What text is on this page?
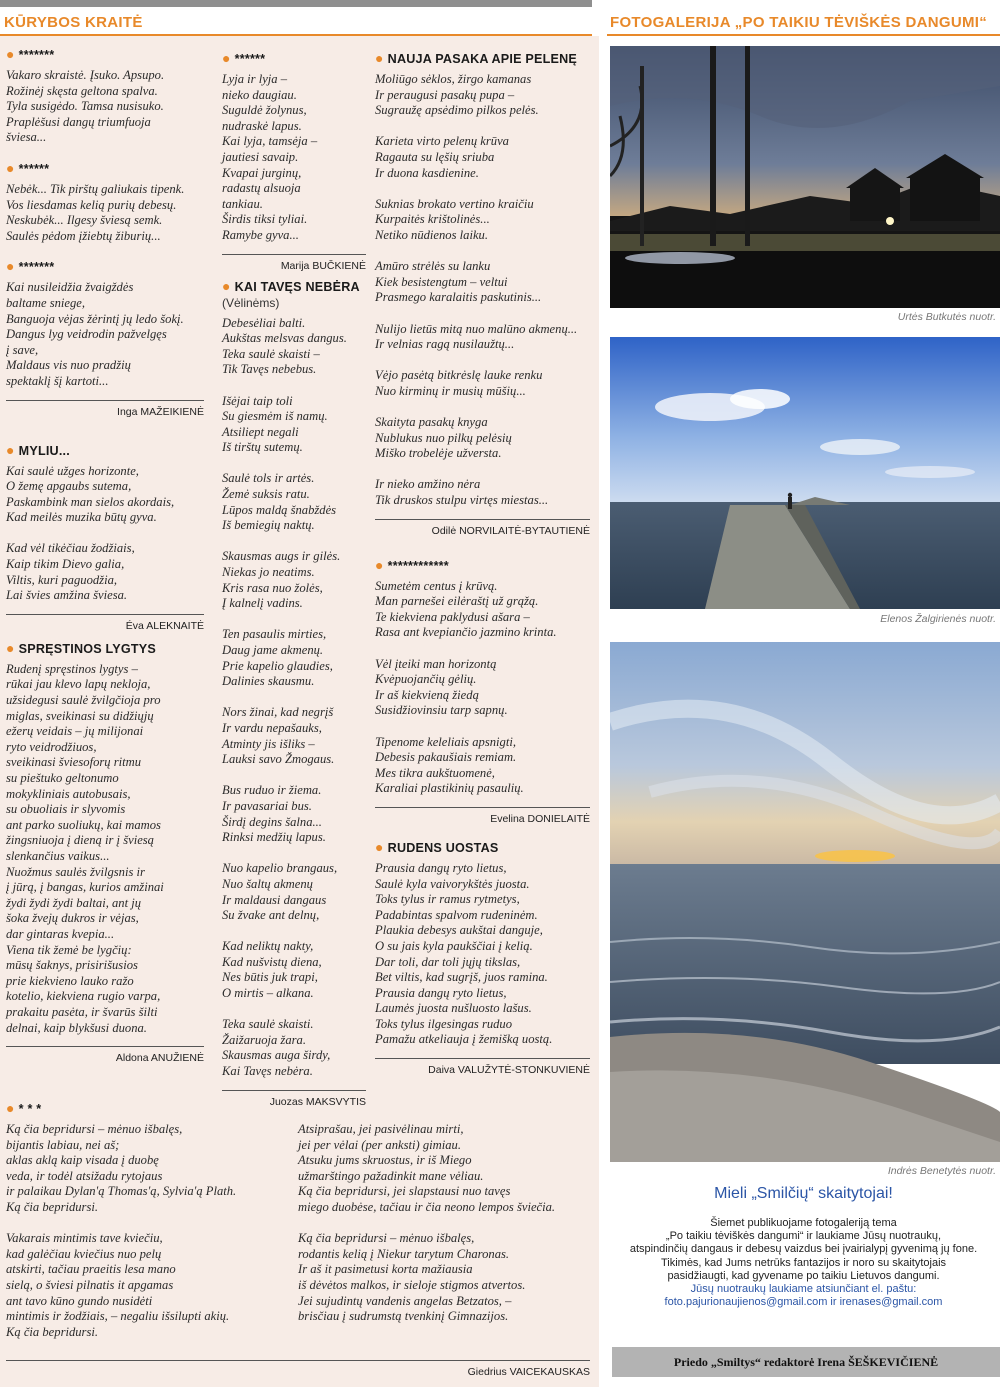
KŪRYBOS KRAITĖ	FOTOGALERIJA „PO TAIKIU TĖVIŠKĖS DANGUMI“
● *******
Vakaro skraistė. Įsuko. Apsupo.
Rožinėj skęsta geltona spalva.
Tyla susigėdo. Tamsa nusisuko.
Praplėšusi dangų triumfuoja
šviesa...
● ******
Nebėk... Tik pirštų galiukais tipenk.
Vos liesdamas kelią purių debesų.
Neskubėk... Ilgesy šviesą semk.
Saulės pėdom įžiebtų žiburių...
● *******
Kai nusileidžia žvaigždės
baltame sniege,
Banguoja vėjas žėrintį jų ledo šokį.
Dangus lyg veidrodin pažvelgęs
į save,
Maldaus vis nuo pradžių
spektaklį šį kartoti...
Inga MAŽEIKIENĖ
● MYLIU...
Kai saulė užges horizonte,
O žemę apgaubs sutema,
Paskambink man sielos akordais,
Kad meilės muzika būtų gyva.

Kad vėl tikėčiau žodžiais,
Kaip tikim Dievo galia,
Viltis, kuri paguodžia,
Lai švies amžina šviesa.
Éva ALEKNAITĖ
● SPRĘSTINOS LYGTYS
Rudenį spręstinos lygtys –
rūkai jau klevo lapų nekloja,
užsidegusi saulė žvilgčioja pro
miglas, sveikinasi su didžiųjų
ežerų veidais – jų milijonai
ryto veidrodžiuos,
sveikinasi šviesoforų ritmu
su pieštuko geltonumo
mokykliniais autobusais,
su obuoliais ir slyvomis
ant parko suoliukų, kai mamos
žingsniuoja į dieną ir į šviesą
slenkančius vaikus...
Nuožmus saulės žvilgsnis ir
į jūrą, į bangas, kurios amžinai
žydi žydi žydi baltai, ant jų
šoka žvejų dukros ir vėjas,
dar gintaras kvepia...
Viena tik žemė be lygčių:
mūsų šaknys, prisirišusios
prie kiekvieno lauko ražo
kotelio, kiekviena rugio varpa,
prakaitu pasėta, ir švarūs šilti
delnai, kaip blykšusi duona.
Aldona ANUŽIENĖ
● ******
Lyja ir lyja –
nieko daugiau.
Suguldė žolynus,
nudraskė lapus.
Kai lyja, tamsėja –
jautiesi savaip.
Kvapai jurginų,
radastų alsuoja
tankiau.
Širdis tiksi tyliai.
Ramybe gyva...
Marija BUČKIENĖ
● KAI TAVĘS NEBĖRA
(Vėlinėms)
Debesėliai balti.
Aukštas melsvas dangus.
Teka saulė skaisti –
Tik Tavęs nebebus.

Išėjai taip toli
Su giesmėm iš namų.
Atsiliept negali
Iš tirštų sutemų.

Saulė tols ir artės.
Žemė suksis ratu.
Lūpos maldą šnabždės
Iš bemiegių naktų.

Skausmas augs ir gilės.
Niekas jo neatims.
Kris rasa nuo žolės,
Į kalnelį vadins.

Ten pasaulis mirties,
Daug jame akmenų.
Prie kapelio glaudies,
Dalinies skausmu.

Nors žinai, kad negrįš
Ir vardu nepašauks,
Atminty jis išliks –
Lauksi savo Žmogaus.

Bus ruduo ir žiema.
Ir pavasariai bus.
Širdį degins šalna...
Rinksi medžių lapus.

Nuo kapelio brangaus,
Nuo šaltų akmenų
Ir maldausi dangaus
Su žvake ant delnų,

Kad neliktų nakty,
Kad nušvistų diena,
Nes būtis juk trapi,
O mirtis – alkana.

Teka saulė skaisti.
Žaižaruoja žara.
Skausmas auga širdy,
Kai Tavęs nebėra.
Juozas MAKSVYTIS
● NAUJA PASAKA APIE PELENĘ
Moliūgo sėklos, žirgo kamanas
Ir peraugusi pasakų pupa –
Sugraužę apsėdimo pilkos pelės.

Karieta virto pelenų krūva
Ragauta su lęšių sriuba
Ir duona kasdienine.

Suknias brokato vertino kraičiu
Kurpaitės krištolinės...
Netiko nūdienos laiku.

Amūro strėlės su lanku
Kiek besistengtum – veltui
Prasmego karalaitis paskutinis...

Nulijo lietūs mitą nuo malūno akmenų...
Ir velnias ragą nusilaužtų...

Vėjo pasėtą bitkrėslę lauke renku
Nuo kirminų ir musių mūšių...

Skaityta pasakų knyga
Nublukus nuo pilkų pelėsių
Miško trobelėje užversta.

Ir nieko amžino nėra
Tik druskos stulpu virtęs miestas...
Odilė NORVILAITĖ-BYTAUTIENĖ
● ************
Sumetėm centus į krūvą.
Man parnešei eilėraštį už grąžą.
Te kiekviena paklydusi ašara –
Rasa ant kvepiančio jazmino krinta.

Vėl įteiki man horizontą
Kvėpuojančių gėlių.
Ir aš kiekvieną žiedą
Susidžiovinsiu tarp sapnų.

Tipenome keleliais apsnigti,
Debesis pakaušiais remiam.
Mes tikra aukštuomenė,
Karaliai plastikinių pasaulių.
Evelina DONIELAITĖ
● RUDENS UOSTAS
Prausia dangų ryto lietus,
Saulė kyla vaivorykštės juosta.
Toks tylus ir ramus rytmetys,
Padabintas spalvom rudeninėm.
Plaukia debesys aukštai danguje,
O su jais kyla paukščiai į kelią.
Dar toli, dar toli jųjų tikslas,
Bet viltis, kad sugrįš, juos ramina.
Prausia dangų ryto lietus,
Laumės juosta nušluosto lašus.
Toks tylus ilgesingas ruduo
Pamažu atkeliauja į žemišką uostą.
Daiva VALUŽYTĖ-STONKUVIENĖ
● * * *
Ką čia bepridursi – mėnuo išbalęs,
bijantis labiau, nei aš;
aklas aklą kaip visada į duobę
veda, ir todėl atsižadu rytojaus
ir palaikau Dylan'ą Thomas'ą, Sylvia'ą Plath.
Ką čia bepridursi.

Vakarais mintimis tave kviečiu,
kad galėčiau kviečius nuo pelų
atskirti, tačiau praeitis lesa mano
sielą, o šviesi pilnatis it apgamas
ant tavo kūno gundo nusidėti
mintimis ir žodžiais, – negaliu išsilupti akių.
Ką čia bepridursi.
Atsiprašau, jei pasivėlinau mirti,
jei per vėlai (per anksti) gimiau.
Atsuku jums skruostus, ir iš Miego
užmarštingo pažadinkit mane vėliau.
Ką čia bepridursi, jei slapstausi nuo tavęs
miego duobėse, tačiau ir čia neono lempos šviečia.

Ką čia bepridursi – mėnuo išbalęs,
rodantis kelią į Niekur tarytum Charonas.
Ir aš it pasimetusi korta mažiausia
iš dėvėtos malkos, ir sieloje stigmos atvertos.
Jei sujudintų vandenis angelas Betzatos, –
brisčiau į sudrumstą tvenkinį Gimnazijos.
Giedrius VAICEKAUSKAS
Urtės Butkutės nuotr.
Elenos Žalgirienės nuotr.
Indrės Benetytės nuotr.
Mieli „Smilčių“ skaitytojai!
Šiemet publikuojame fotogaleriją tema
„Po taikiu tėviškės dangumi“ ir laukiame Jūsų nuotraukų,
atspindinčių dangaus ir debesų vaizdus bei įvairialypį gyvenimą jų fone.
Tikimės, kad Jums netrūks fantazijos ir noro su skaitytojais
pasidžiaugti, kad gyvename po taikiu Lietuvos dangumi.
Jūsų nuotraukų laukiame atsiunčiant el. paštu:
foto.pajurionaujienos@gmail.com ir irenases@gmail.com
Priedo „Smiltys“ redaktorė Irena ŠEŠKEVIČIENĖ
